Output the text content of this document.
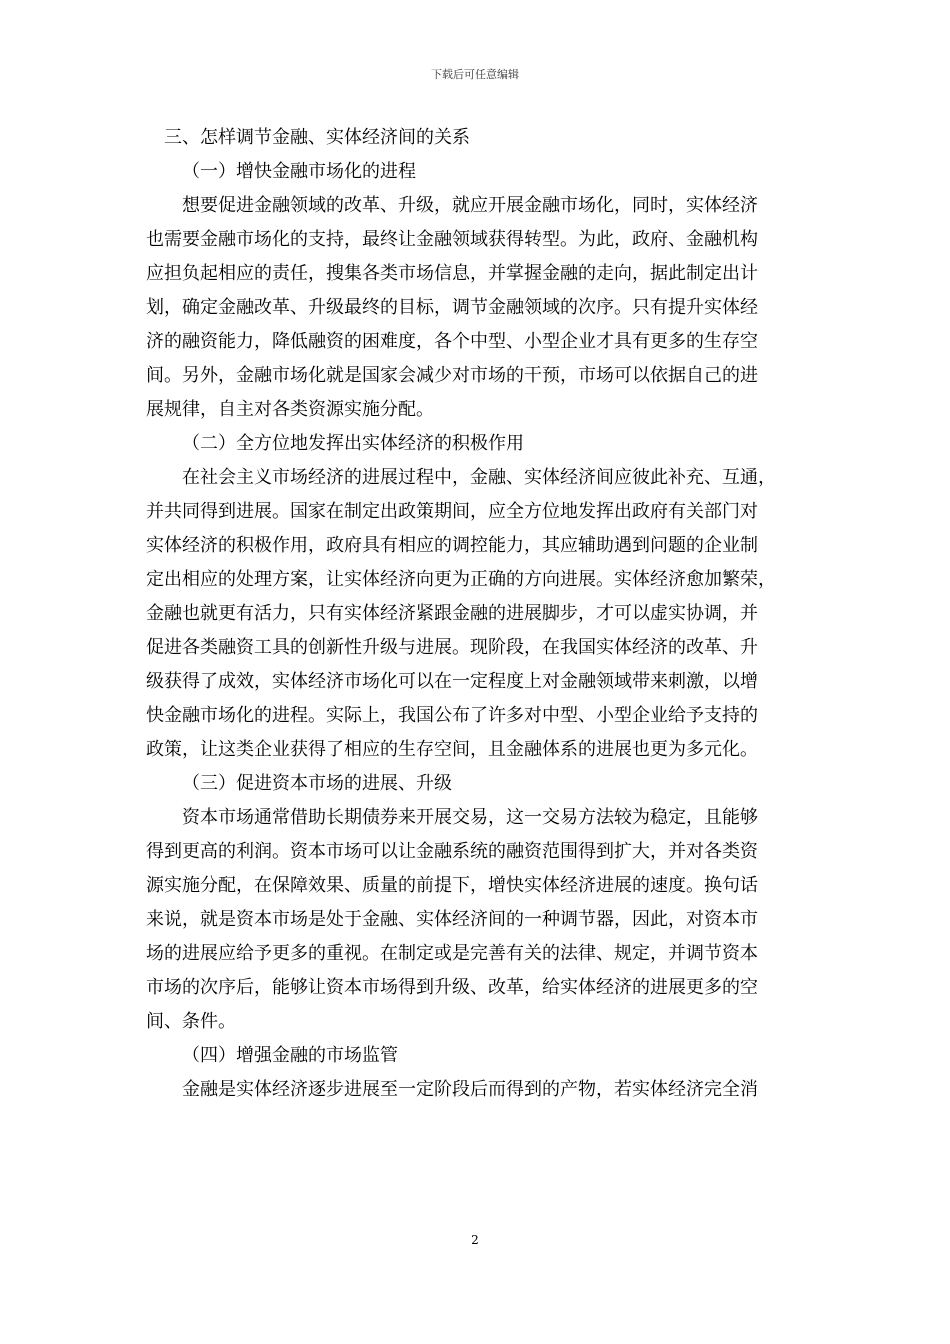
下载后可任意编辑
三、怎样调节金融、实体经济间的关系
（一）增快金融市场化的进程
想要促进金融领域的改革、升级，就应开展金融市场化，同时，实体经济
也需要金融市场化的支持，最终让金融领域获得转型。为此，政府、金融机构
应担负起相应的责任，搜集各类市场信息，并掌握金融的走向，据此制定出计
划，确定金融改革、升级最终的目标，调节金融领域的次序。只有提升实体经
济的融资能力，降低融资的困难度，各个中型、小型企业才具有更多的生存空
间。另外，金融市场化就是国家会减少对市场的干预，市场可以依据自己的进
展规律，自主对各类资源实施分配。
（二）全方位地发挥出实体经济的积极作用
在社会主义市场经济的进展过程中，金融、实体经济间应彼此补充、互通，
并共同得到进展。国家在制定出政策期间，应全方位地发挥出政府有关部门对
实体经济的积极作用，政府具有相应的调控能力，其应辅助遇到问题的企业制
定出相应的处理方案，让实体经济向更为正确的方向进展。实体经济愈加繁荣，
金融也就更有活力，只有实体经济紧跟金融的进展脚步，才可以虚实协调，并
促进各类融资工具的创新性升级与进展。现阶段，在我国实体经济的改革、升
级获得了成效，实体经济市场化可以在一定程度上对金融领域带来刺激，以增
快金融市场化的进程。实际上，我国公布了许多对中型、小型企业给予支持的
政策，让这类企业获得了相应的生存空间，且金融体系的进展也更为多元化。
（三）促进资本市场的进展、升级
资本市场通常借助长期债券来开展交易，这一交易方法较为稳定，且能够
得到更高的利润。资本市场可以让金融系统的融资范围得到扩大，并对各类资
源实施分配，在保障效果、质量的前提下，增快实体经济进展的速度。换句话
来说，就是资本市场是处于金融、实体经济间的一种调节器，因此，对资本市
场的进展应给予更多的重视。在制定或是完善有关的法律、规定，并调节资本
市场的次序后，能够让资本市场得到升级、改革，给实体经济的进展更多的空
间、条件。
（四）增强金融的市场监管
金融是实体经济逐步进展至一定阶段后而得到的产物，若实体经济完全消
2
